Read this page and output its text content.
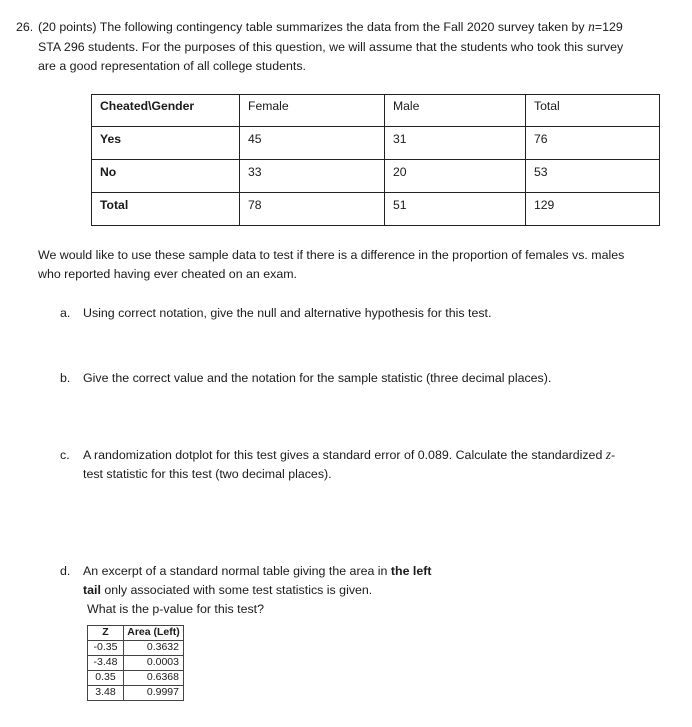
26. (20 points) The following contingency table summarizes the data from the Fall 2020 survey taken by n=129
STA 296 students. For the purposes of this question, we will assume that the students who took this survey
are a good representation of all college students.
Cheated\Gender	Female	Male	Total
Yes	45	31	76
No	33	20	53
Total	78	51	129
We would like to use these sample data to test if there is a difference in the proportion of females vs. males
who reported having ever cheated on an exam.
a. Using correct notation, give the null and alternative hypothesis for this test.
b. Give the correct value and the notation for the sample statistic (three decimal places).
c. A randomization dotplot for this test gives a standard error of 0.089. Calculate the standardized z-
test statistic for this test (two decimal places).
d. An excerpt of a standard normal table giving the area in the left
tail only associated with some test statistics is given.
What is the p-value for this test?
Z	Area (Left)
-0.35	0.3632
-3.48	0.0003
0.35	0.6368
3.48	0.9997
